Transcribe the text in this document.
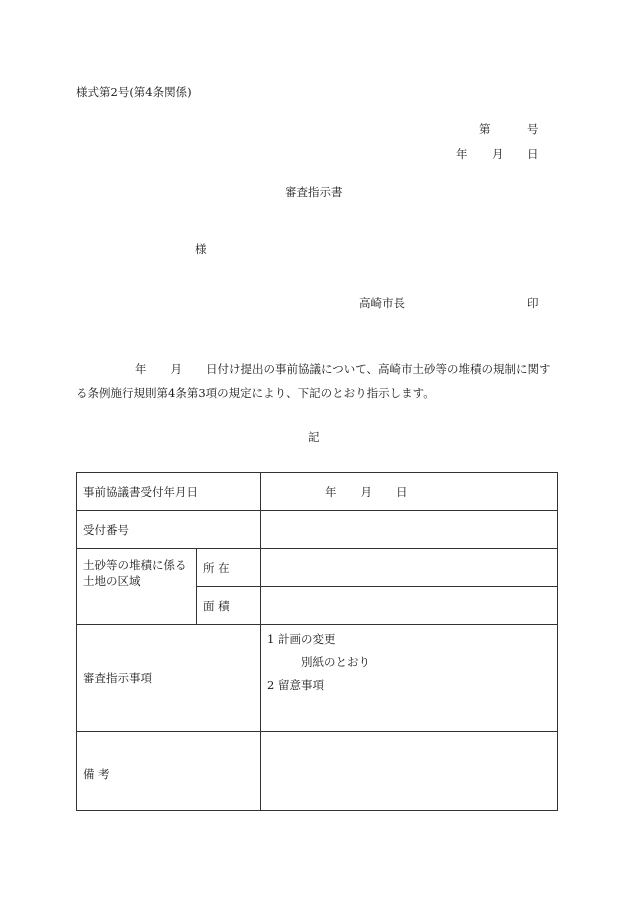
様式第2号(第4条関係)
第	号
年 月 日
審査指示書
様
高崎市長	印
年 月 日付け提出の事前協議について、高崎市土砂等の堆積の規制に関する条例施行規則第4条第3項の規定により、下記のとおり指示します。
記
事前協議書受付年月日		年 月 日
受付番号		
土砂等の堆積に係る土地の区域	所 在	
	面 積	
審査指示事項		1 計画の変更
別紙のとおり
2 留意事項

備 考		
